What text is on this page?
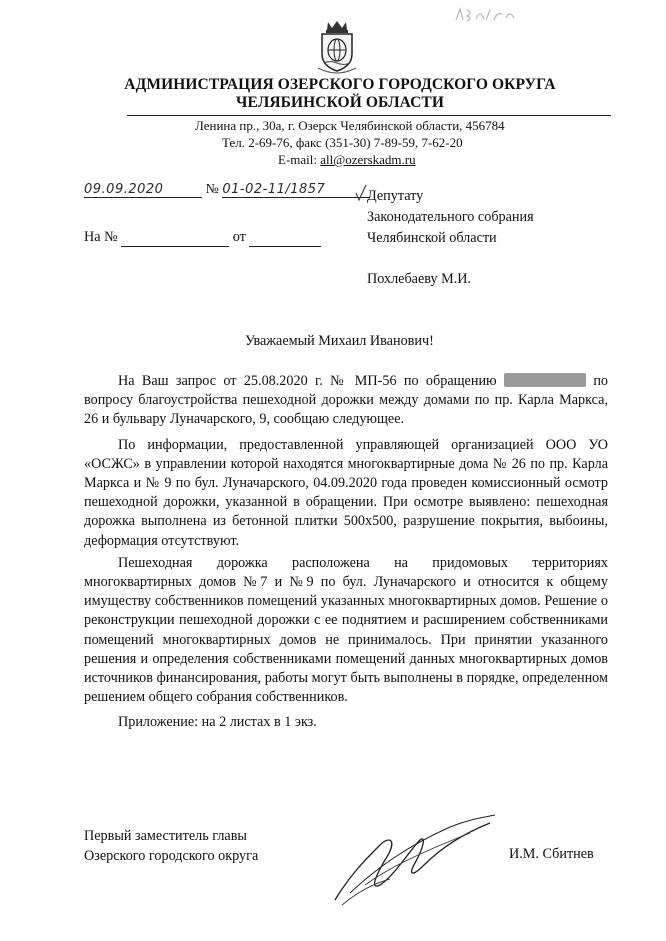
АДМИНИСТРАЦИЯ ОЗЕРСКОГО ГОРОДСКОГО ОКРУГА
ЧЕЛЯБИНСКОЙ ОБЛАСТИ
Ленина пр., 30а, г. Озерск Челябинской области, 456784
Тел. 2-69-76, факс (351-30) 7-89-59, 7-62-20
E-mail: all@ozerskadm.ru
09.09.2020	№ 01-02-11/1857
На №	от
Депутату
Законодательного собрания
Челябинской области
Похлебаеву М.И.
Уважаемый Михаил Иванович!

На Ваш запрос от 25.08.2020 г. № МП-56 по обращению	по вопросу благоустройства пешеходной дорожки между домами по пр. Карла Маркса, 26 и бульвару Луначарского, 9, сообщаю следующее.

По информации, предоставленной управляющей организацией ООО УО «ОСЖС» в управлении которой находятся многоквартирные дома № 26 по пр. Карла Маркса и № 9 по бул. Луначарского, 04.09.2020 года проведен комиссионный осмотр пешеходной дорожки, указанной в обращении. При осмотре выявлено: пешеходная дорожка выполнена из бетонной плитки 500х500, разрушение покрытия, выбоины, деформация отсутствуют.

Пешеходная дорожка расположена на придомовых территориях многоквартирных домов №7 и №9 по бул. Луначарского и относится к общему имуществу собственников помещений указанных многоквартирных домов. Решение о реконструкции пешеходной дорожки с ее поднятием и расширением собственниками помещений многоквартирных домов не принималось. При принятии указанного решения и определения собственниками помещений данных многоквартирных домов источников финансирования, работы могут быть выполнены в порядке, определенном решением общего собрания собственников.

Приложение: на 2 листах в 1 экз.

Первый заместитель главы
Озерского городского округа	И.М. Сбитнев
